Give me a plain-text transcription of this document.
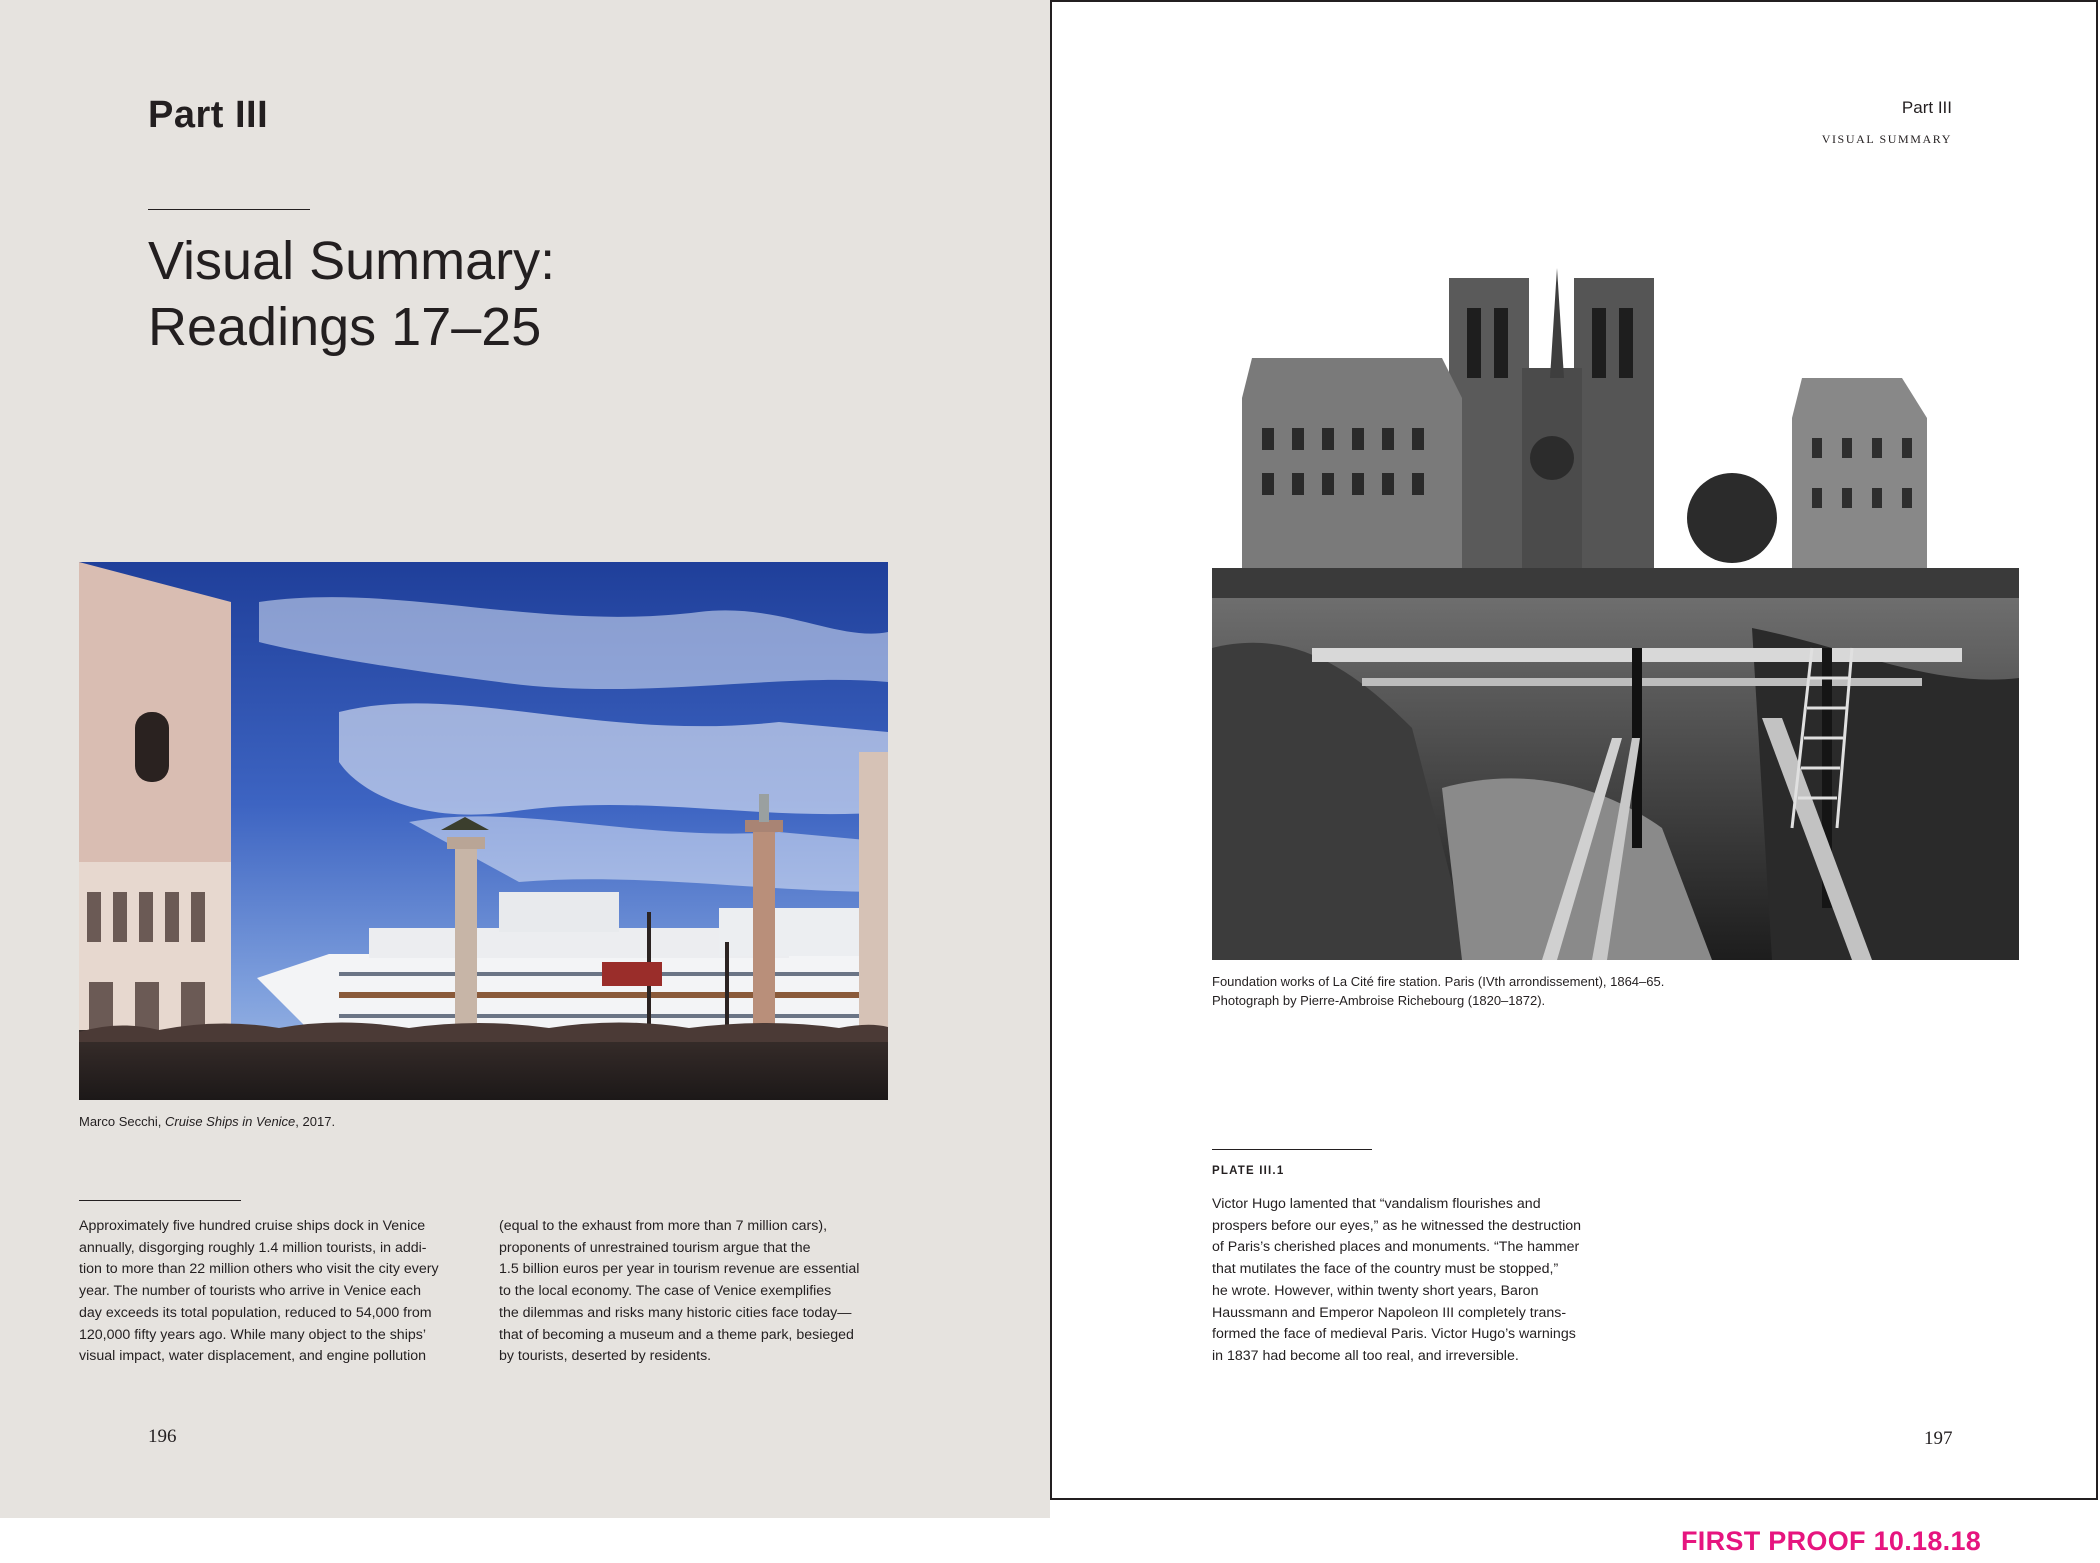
Part III
Visual Summary:
Readings 17–25
Marco Secchi, Cruise Ships in Venice, 2017.
Approximately five hundred cruise ships dock in Venice
annually, disgorging roughly 1.4 million tourists, in addi-
tion to more than 22 million others who visit the city every
year. The number of tourists who arrive in Venice each
day exceeds its total population, reduced to 54,000 from
120,000 fifty years ago. While many object to the ships’
visual impact, water displacement, and engine pollution
(equal to the exhaust from more than 7 million cars),
proponents of unrestrained tourism argue that the
1.5 billion euros per year in tourism revenue are essential
to the local economy. The case of Venice exemplifies
the dilemmas and risks many historic cities face today—
that of becoming a museum and a theme park, besieged
by tourists, deserted by residents.
196
Part III
VISUAL SUMMARY
Foundation works of La Cité fire station. Paris (IVth arrondissement), 1864–65.
Photograph by Pierre-Ambroise Richebourg (1820–1872).
PLATE III.1
Victor Hugo lamented that “vandalism flourishes and
prospers before our eyes,” as he witnessed the destruction
of Paris’s cherished places and monuments. “The hammer
that mutilates the face of the country must be stopped,”
he wrote. However, within twenty short years, Baron
Haussmann and Emperor Napoleon III completely trans-
formed the face of medieval Paris. Victor Hugo’s warnings
in 1837 had become all too real, and irreversible.
197
FIRST PROOF 10.18.18
